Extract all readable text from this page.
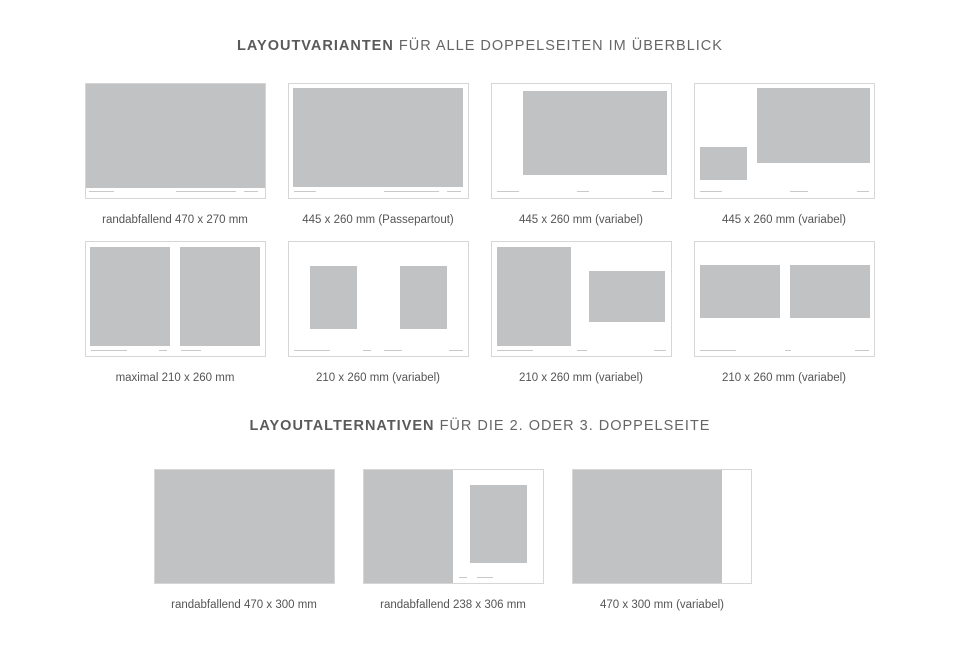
LAYOUTVARIANTEN FÜR ALLE DOPPELSEITEN IM ÜBERBLICK
randabfallend 470 x 270 mm	445 x 260 mm (Passepartout)	445 x 260 mm (variabel)	445 x 260 mm (variabel)
maximal 210 x 260 mm	210 x 260 mm (variabel)	210 x 260 mm (variabel)	210 x 260 mm (variabel)
LAYOUTALTERNATIVEN FÜR DIE 2. ODER 3. DOPPELSEITE
randabfallend 470 x 300 mm	randabfallend 238 x 306 mm	470 x 300 mm (variabel)
